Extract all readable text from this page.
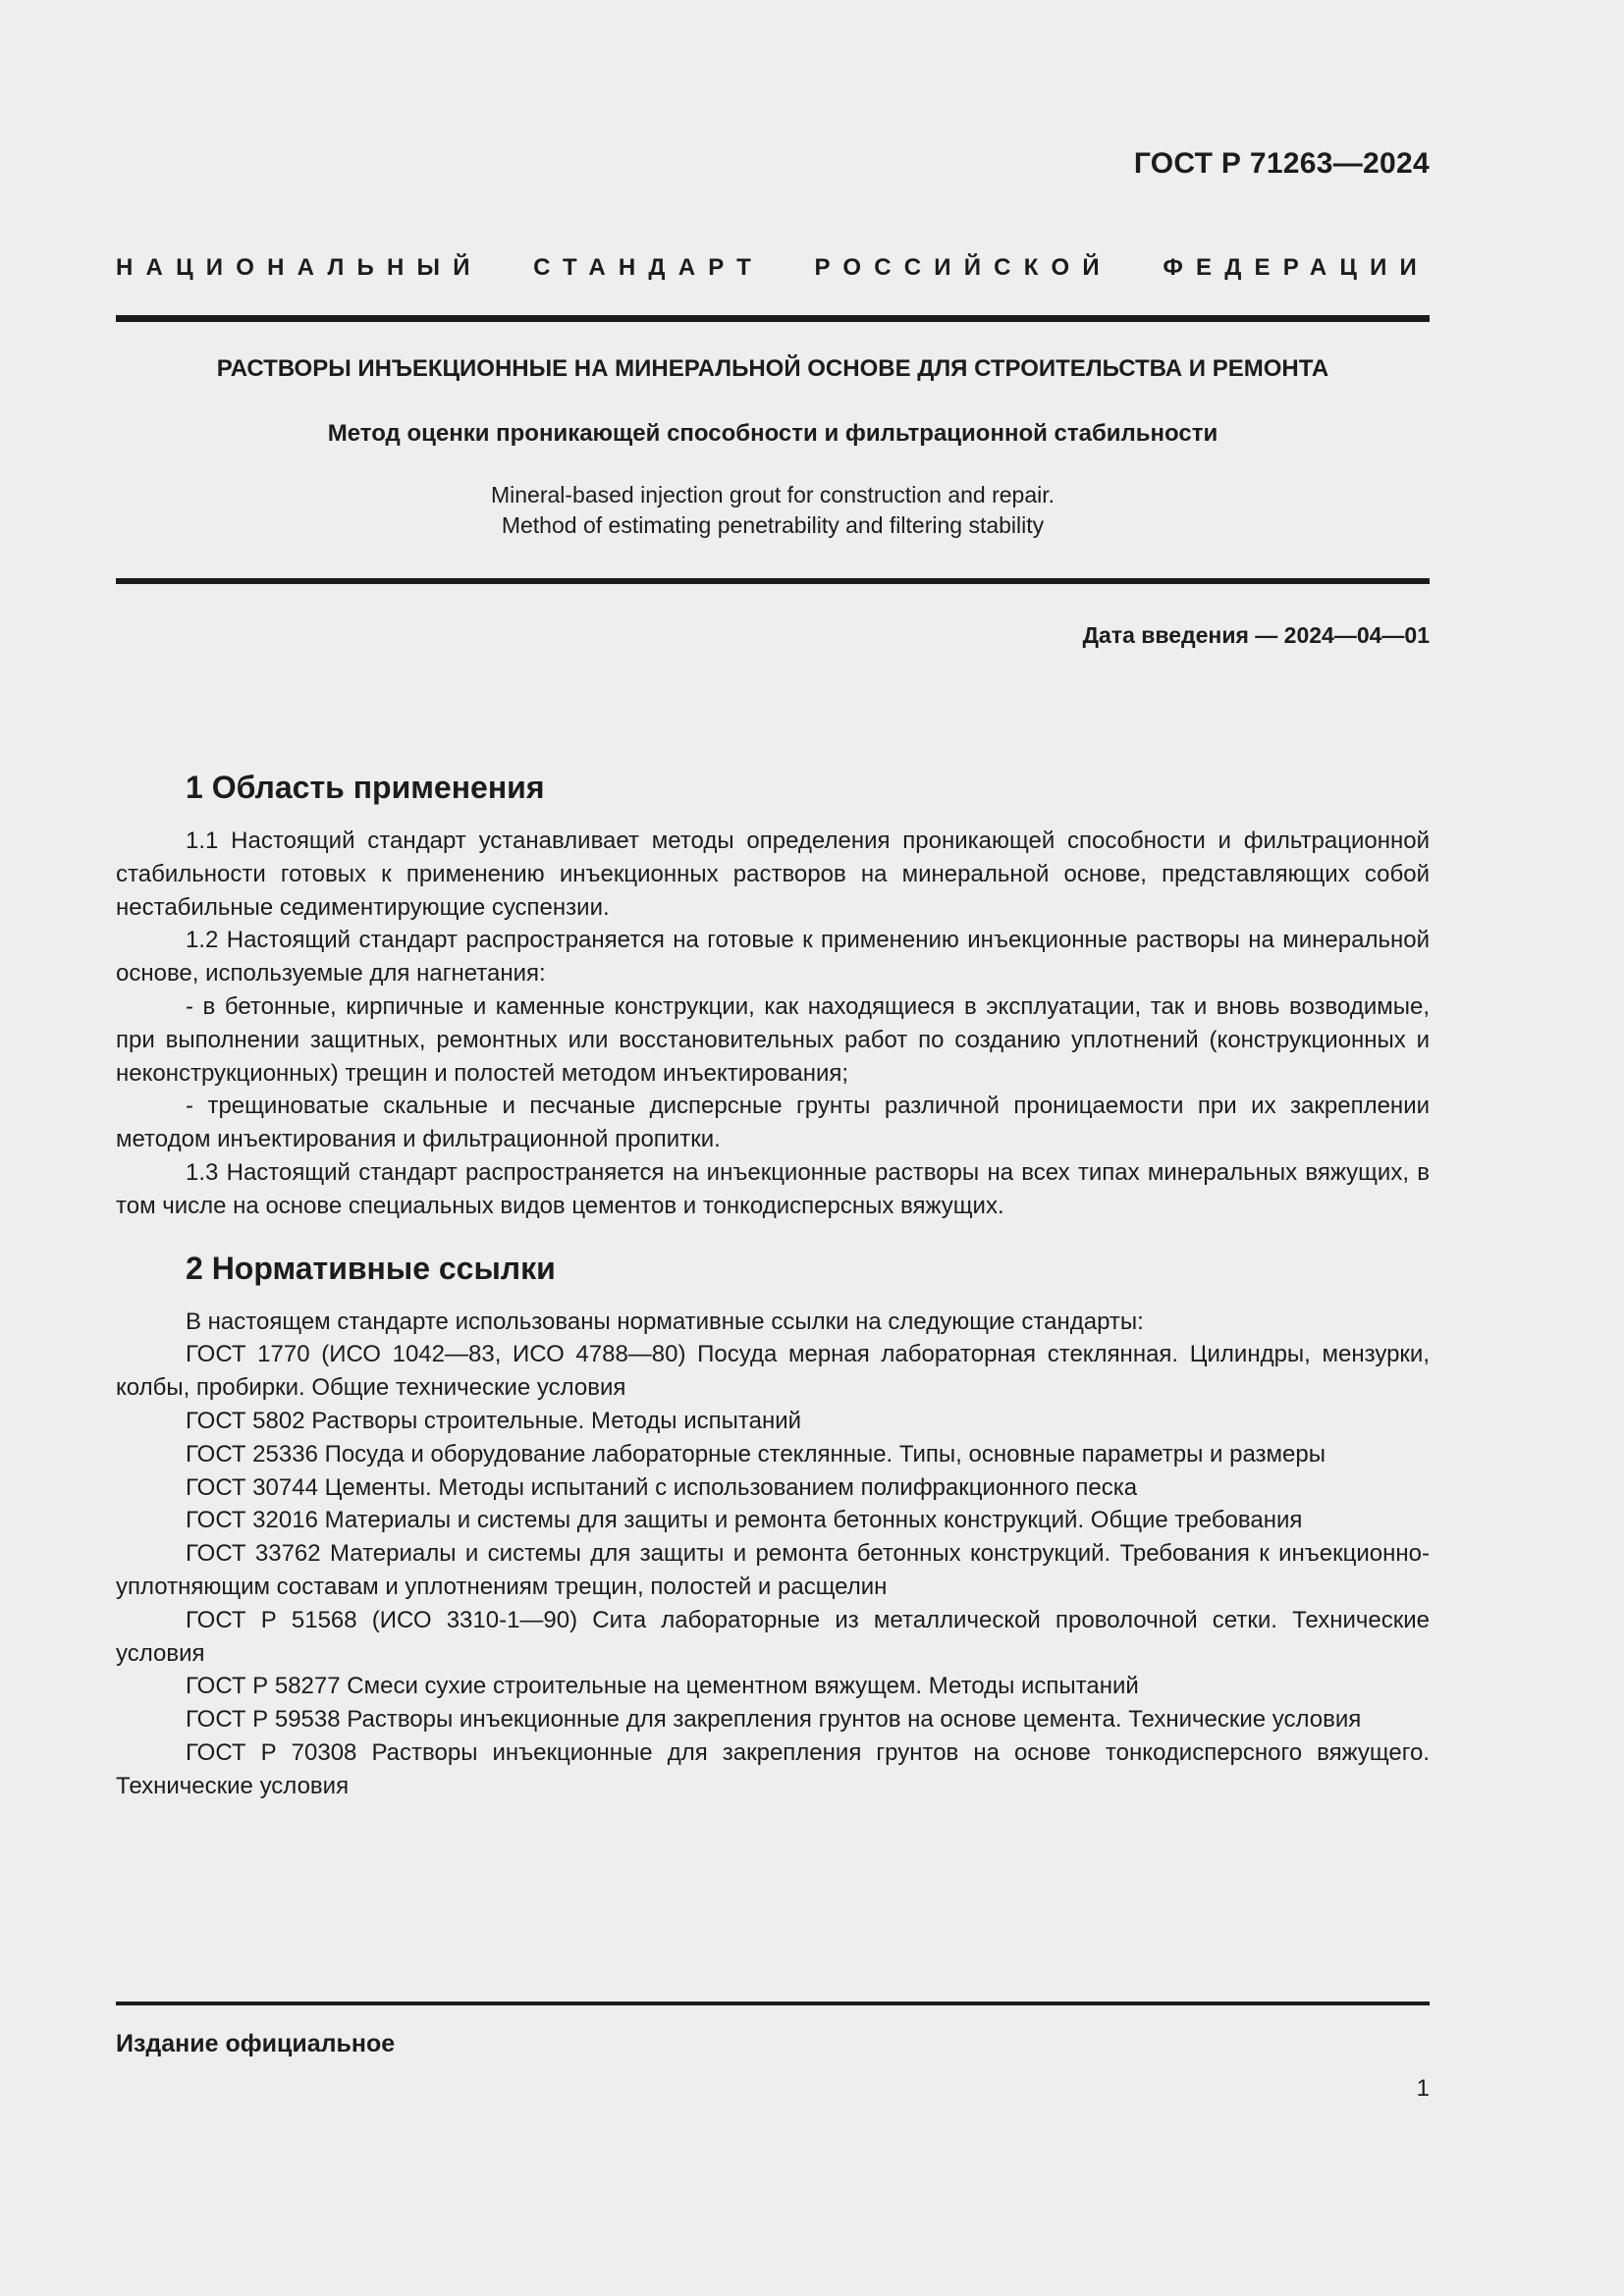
ГОСТ Р 71263—2024
НАЦИОНАЛЬНЫЙ СТАНДАРТ РОССИЙСКОЙ ФЕДЕРАЦИИ
РАСТВОРЫ ИНЪЕКЦИОННЫЕ НА МИНЕРАЛЬНОЙ ОСНОВЕ ДЛЯ СТРОИТЕЛЬСТВА И РЕМОНТА
Метод оценки проникающей способности и фильтрационной стабильности
Mineral-based injection grout for construction and repair.
Method of estimating penetrability and filtering stability
Дата введения — 2024—04—01
1 Область применения

1.1 Настоящий стандарт устанавливает методы определения проникающей способности и фильтрационной стабильности готовых к применению инъекционных растворов на минеральной основе, представляющих собой нестабильные седиментирующие суспензии.

1.2 Настоящий стандарт распространяется на готовые к применению инъекционные растворы на минеральной основе, используемые для нагнетания:

- в бетонные, кирпичные и каменные конструкции, как находящиеся в эксплуатации, так и вновь возводимые, при выполнении защитных, ремонтных или восстановительных работ по созданию уплотнений (конструкционных и неконструкционных) трещин и полостей методом инъектирования;

- трещиноватые скальные и песчаные дисперсные грунты различной проницаемости при их закреплении методом инъектирования и фильтрационной пропитки.

1.3 Настоящий стандарт распространяется на инъекционные растворы на всех типах минеральных вяжущих, в том числе на основе специальных видов цементов и тонкодисперсных вяжущих.

2 Нормативные ссылки

В настоящем стандарте использованы нормативные ссылки на следующие стандарты:

ГОСТ 1770 (ИСО 1042—83, ИСО 4788—80) Посуда мерная лабораторная стеклянная. Цилиндры, мензурки, колбы, пробирки. Общие технические условия

ГОСТ 5802 Растворы строительные. Методы испытаний

ГОСТ 25336 Посуда и оборудование лабораторные стеклянные. Типы, основные параметры и размеры

ГОСТ 30744 Цементы. Методы испытаний с использованием полифракционного песка

ГОСТ 32016 Материалы и системы для защиты и ремонта бетонных конструкций. Общие требования

ГОСТ 33762 Материалы и системы для защиты и ремонта бетонных конструкций. Требования к инъекционно-уплотняющим составам и уплотнениям трещин, полостей и расщелин

ГОСТ Р 51568 (ИСО 3310-1—90) Сита лабораторные из металлической проволочной сетки. Технические условия

ГОСТ Р 58277 Смеси сухие строительные на цементном вяжущем. Методы испытаний

ГОСТ Р 59538 Растворы инъекционные для закрепления грунтов на основе цемента. Технические условия

ГОСТ Р 70308 Растворы инъекционные для закрепления грунтов на основе тонкодисперсного вяжущего. Технические условия

Издание официальное
1
